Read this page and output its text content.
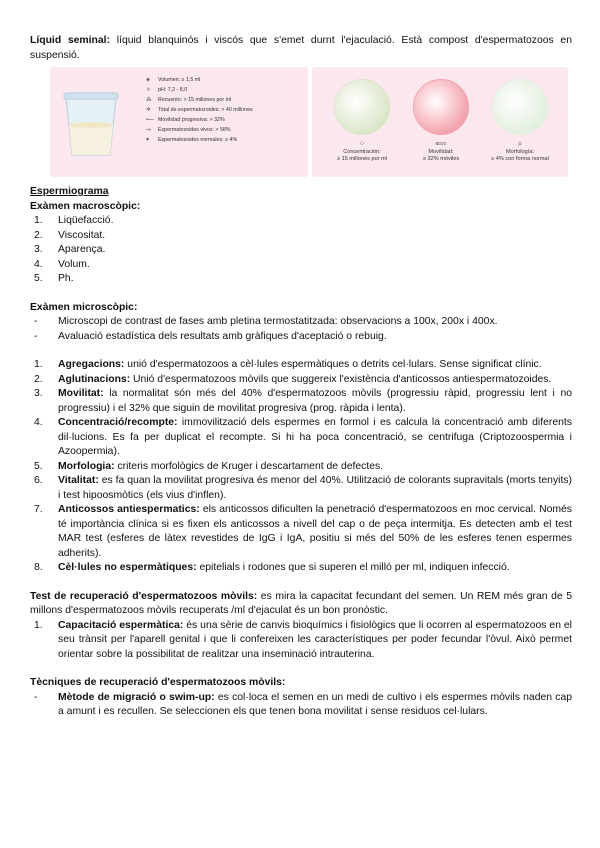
Líquid seminal: líquid blanquinós i viscós que s'emet durnt l'ejaculació. Està compost d'espermatozoos en suspensió.

◈ Volumen: ≥ 1,5 ml
⚛ pH: 7,2 - 8,0
⁂ Recuento: > 15 millones por ml
✲ Total de espermatozoides: > 40 millones
⟵ Movilidad progresiva: > 32%
↝ Espermatozoides vivos: > 58%
♥ Espermatozoides normales: ≥ 4%	⁘
Concentración:
≥ 15 millones por ml
⟸
Movilidad:
≥ 32% móviles
⌕
Morfología:
≥ 4% con forma normal

Espermiograma

Exàmen macroscòpic:

1. Liqüefacció.
2. Viscositat.
3. Aparença.
4. Volum.
5. Ph.

Exàmen microscòpic:

- Microscopi de contrast de fases amb pletina termostatitzada: observacions a 100x, 200x i 400x.
- Avaluació estadística dels resultats amb gràfiques d'aceptació o rebuig.
1. Agregacions: unió d'espermatozoos a cèl·lules espermàtiques o detrits cel·lulars. Sense significat clínic.
2. Aglutinacions: Unió d'espermatozoos mòvils que suggereix l'existència d'anticossos antiespermatozoides.
3. Movilitat: la normalitat són més del 40% d'espermatozoos mòvils (progressiu ràpid, progressiu lent i no progressiu) i el 32% que siguin de movilitat progresiva (prog. ràpida i lenta).
4. Concentració/recompte: immovilització dels espermes en formol i es calcula la concentració amb diferents dil·lucions. Es fa per duplicat el recompte. Si hi ha poca concentració, se centrifuga (Criptozoospermia i Azoopermia).
5. Morfologia: criteris morfològics de Kruger i descartament de defectes.
6. Vitalitat: es fa quan la movilitat progresiva és menor del 40%. Utilització de colorants supravitals (morts tenyits) i test hipoosmòtics (els vius d'inflen).
7. Anticossos antiespermatics: els anticossos dificulten la penetració d'espermatozoos en moc cervical. Només té importància clínica si es fixen els anticossos a nivell del cap o de peça intermitja. Es detecten amb el test MAR test (esferes de làtex revestides de IgG i IgA, positiu si més del 50% de les esferes tenen espermes adherits).
8. Cèl·lules no espermàtiques: epitelials i rodones que si superen el milló per ml, indiquen infecció.

Test de recuperació d'espermatozoos mòvils: es mira la capacitat fecundant del semen. Un REM més gran de 5 millons d'espermatozoos mòvils recuperats /ml d'ejaculat és un bon pronòstic.

1. Capacitació espermàtica: és una sèrie de canvis bioquímics i fisiològics que li ocorren al espermatozoos en el seu trànsit per l'aparell genital i que li confereixen les característiques per poder fecundar l'òvul. Això permet orientar sobre la possibilitat de realitzar una inseminació intrauterina.

Tècniques de recuperació d'espermatozoos mòvils:

- Mètode de migració o swim-up: es col·loca el semen en un medi de cultivo i els espermes mòvils naden cap a amunt i es recullen. Se seleccionen els que tenen bona movilitat i sense residuos cel·lulars.
